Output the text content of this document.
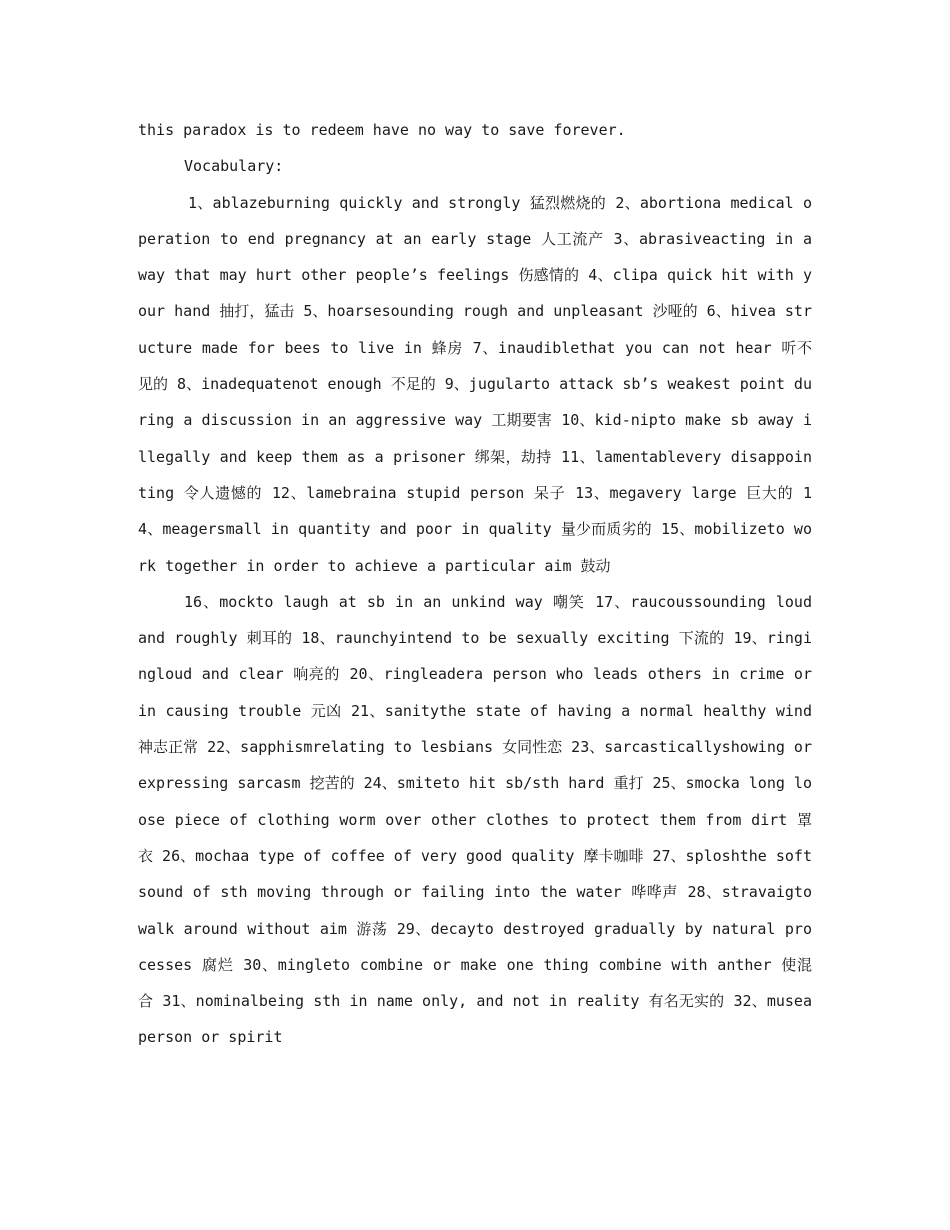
this paradox is to redeem have no way to save forever.

Vocabulary:

1、ablazeburning quickly and strongly 猛烈燃烧的 2、abortiona medical operation to end pregnancy at an early stage 人工流产 3、abrasiveacting in a way that may hurt other people’s feelings 伤感情的 4、clipa quick hit with your hand 抽打，猛击 5、hoarsesounding rough and unpleasant 沙哑的 6、hivea structure made for bees to live in 蜂房 7、inaudiblethat you can not hear 听不见的 8、inadequatenot enough 不足的 9、jugularto attack sb’s weakest point during a discussion in an aggressive way 工期要害 10、kid-nipto make sb away illegally and keep them as a prisoner 绑架，劫持 11、lamentablevery disappointing 令人遗憾的 12、lamebraina stupid person 呆子 13、megavery large 巨大的 14、meagersmall in quantity and poor in quality 量少而质劣的 15、mobilizeto work together in order to achieve a particular aim 鼓动

16、mockto laugh at sb in an unkind way 嘲笑 17、raucoussounding loud and roughly 刺耳的 18、raunchyintend to be sexually exciting 下流的 19、ringingloud and clear 响亮的 20、ringleadera person who leads others in crime or in causing trouble 元凶 21、sanitythe state of having a normal healthy wind 神志正常 22、sapphismrelating to lesbians 女同性恋 23、sarcasticallyshowing or expressing sarcasm 挖苦的 24、smiteto hit sb/sth hard 重打 25、smocka long loose piece of clothing worm over other clothes to protect them from dirt 罩衣 26、mochaa type of coffee of very good quality 摩卡咖啡 27、sploshthe soft sound of sth moving through or failing into the water 哗哗声 28、stravaigto walk around without aim 游荡 29、decayto destroyed gradually by natural processes 腐烂 30、mingleto combine or make one thing combine with anther 使混合 31、nominalbeing sth in name only, and not in reality 有名无实的 32、musea person or spirit
